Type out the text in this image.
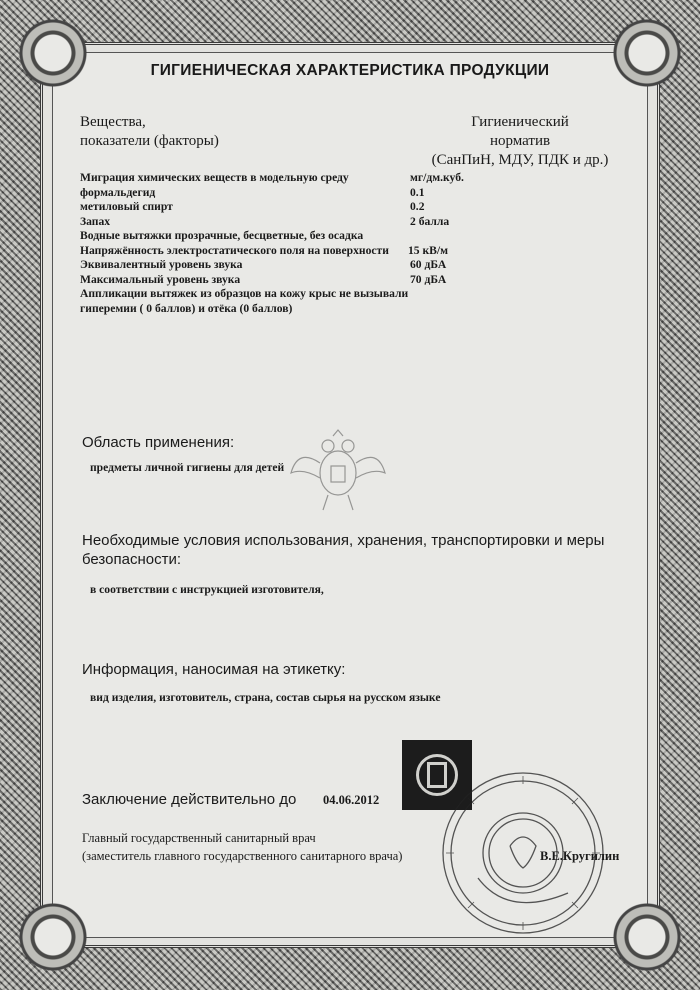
ГИГИЕНИЧЕСКАЯ ХАРАКТЕРИСТИКА ПРОДУКЦИИ
Вещества,
показатели (факторы)
Гигиенический
норматив
(СанПиН, МДУ, ПДК и др.)
Миграция химических веществ в модельную среду	мг/дм.куб.
формальдегид	0.1
метиловый спирт	0.2
Запах	2 балла
Водные вытяжки прозрачные, бесцветные, без осадка
Напряжённость электростатического поля на поверхности 15 кВ/м
Эквивалентный уровень звука	60 дБА
Максимальный уровень звука	70 дБА
Аппликации вытяжек из образцов на кожу крыс не вызывали гиперемии ( 0 баллов) и отёка (0 баллов)
Область применения:
предметы личной гигиены для детей
Необходимые условия использования, хранения, транспортировки и меры
безопасности:
в соответствии с инструкцией изготовителя,
Информация, наносимая на этикетку:
вид изделия, изготовитель, страна, состав сырья на русском языке
Заключение действительно до 04.06.2012
Главный государственный санитарный врач
(заместитель главного государственного санитарного врача)	В.Е.Кругилин
